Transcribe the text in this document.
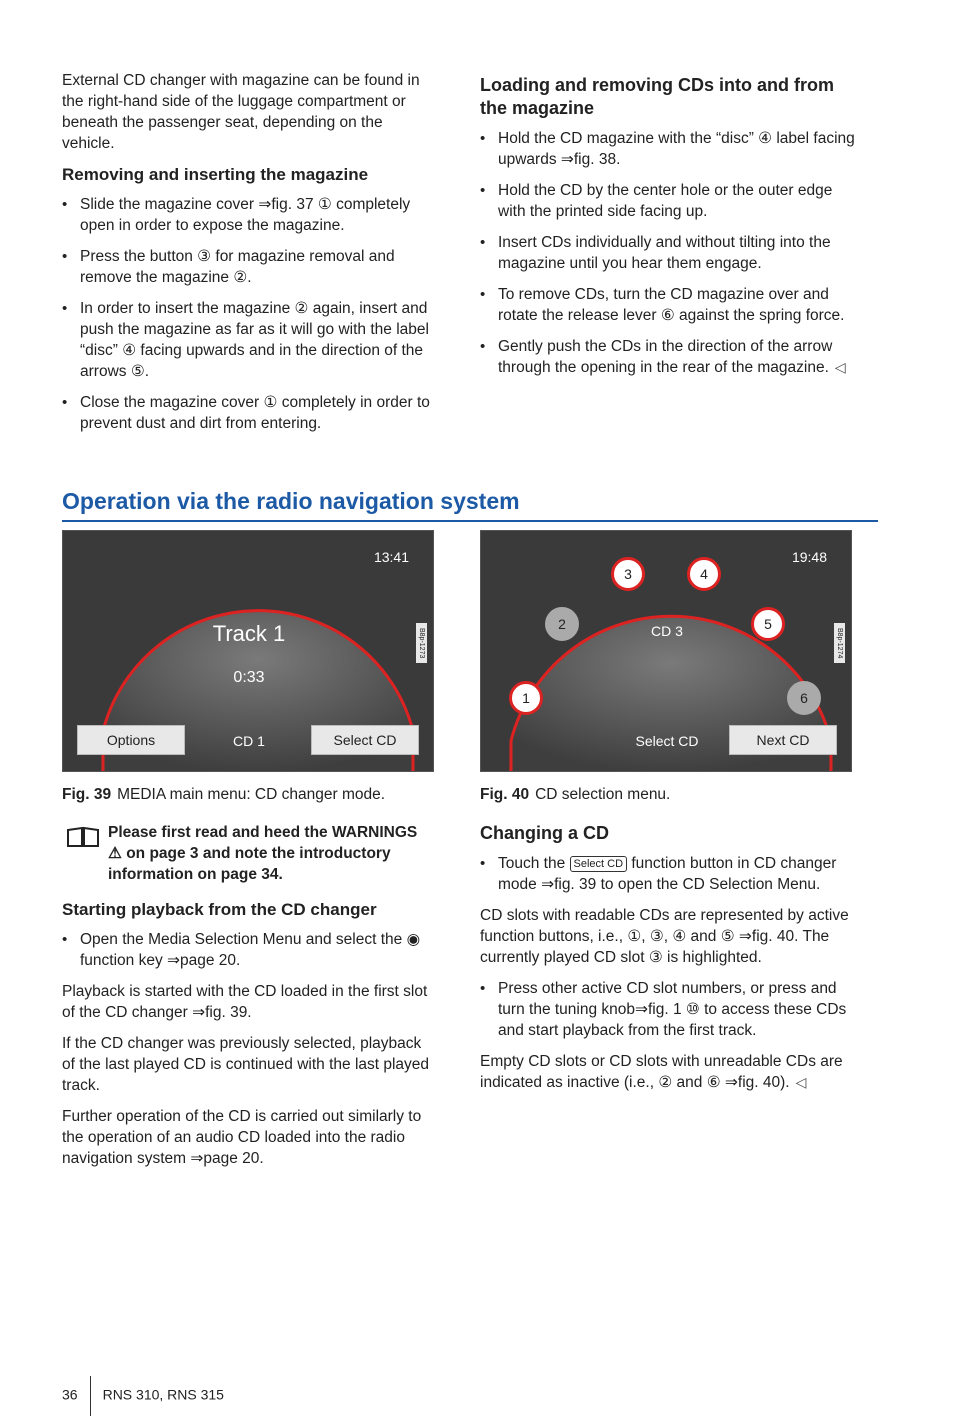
External CD changer with magazine can be found in the right-hand side of the luggage compartment or beneath the passenger seat, depending on the vehicle.

Removing and inserting the magazine
• Slide the magazine cover ⇒fig. 37 ① completely open in order to expose the magazine.
• Press the button ③ for magazine removal and remove the magazine ②.
• In order to insert the magazine ② again, insert and push the magazine as far as it will go with the label “disc” ④ facing upwards and in the direction of the arrows ⑤.
• Close the magazine cover ① completely in order to prevent dust and dirt from entering.
Loading and removing CDs into and from the magazine
• Hold the CD magazine with the “disc” ④ label facing upwards ⇒fig. 38.
• Hold the CD by the center hole or the outer edge with the printed side facing up.
• Insert CDs individually and without tilting into the magazine until you hear them engage.
• To remove CDs, turn the CD magazine over and rotate the release lever ⑥ against the spring force.
• Gently push the CDs in the direction of the arrow through the opening in the rear of the magazine. ◁
Operation via the radio navigation system
13:41
Track 1
0:33
B8p-1273
Options	CD 1	Select CD
Fig. 39 MEDIA main menu: CD changer mode.

Please first read and heed the WARNINGS ⚠ on page 3 and note the introductory information on page 34.

Starting playback from the CD changer
• Open the Media Selection Menu and select the ◉ function key ⇒page 20.

Playback is started with the CD loaded in the first slot of the CD changer ⇒fig. 39.

If the CD changer was previously selected, playback of the last played CD is continued with the last played track.

Further operation of the CD is carried out similarly to the operation of an audio CD loaded into the radio navigation system ⇒page 20.

19:48
CD 3	B8p-1274
1
2
3	4
5
6
Select CD	Next CD
Fig. 40 CD selection menu.
Changing a CD
• Touch the Select CD function button in CD changer mode ⇒fig. 39 to open the CD Selection Menu.

CD slots with readable CDs are represented by active function buttons, i.e., ①, ③, ④ and ⑤ ⇒fig. 40. The currently played CD slot ③ is highlighted.

• Press other active CD slot numbers, or press and turn the tuning knob⇒fig. 1 ⑩ to access these CDs and start playback from the first track.

Empty CD slots or CD slots with unreadable CDs are indicated as inactive (i.e., ② and ⑥ ⇒fig. 40). ◁

36 RNS 310, RNS 315
